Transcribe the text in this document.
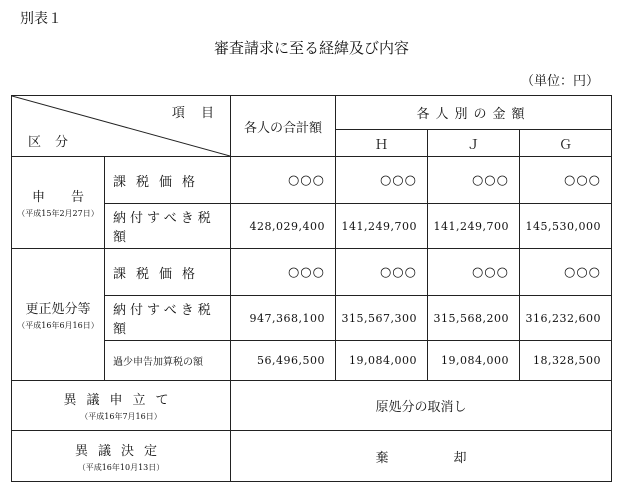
別表１
審査請求に至る経緯及び内容
（単位：円）
項 目
区分		各人の合計額	各人別の金額		
			Ｈ	Ｊ	Ｇ

申　　告
（平成15年2月27日）	課税価格	○○○	○○○	○○○	○○○
	納付すべき税額	428,029,400	141,249,700	141,249,700	145,530,000

更正処分等
（平成16年6月16日）	課税価格	○○○	○○○	○○○	○○○
	納付すべき税額	947,368,100	315,567,300	315,568,200	316,232,600
	過少申告加算税の額	56,496,500	19,084,000	19,084,000	18,328,500

異議申立て
（平成16年7月16日）		原処分の取消し			

異議決定
（平成16年10月13日）		棄　　　　　却			
